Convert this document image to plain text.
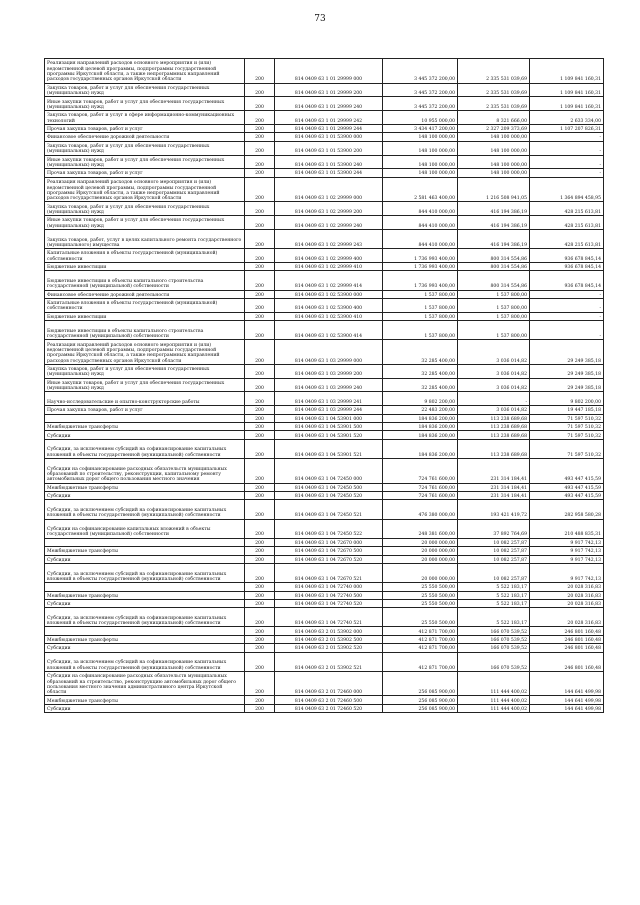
73
Реализация направлений расходов основного мероприятия и (или) ведомственной целевой программы, подпрограммы государственной программы Иркутской области, а также непрограммных направлений расходов государственных органов Иркутской области	200	814 0409 63 1 01 29999 000	3 445 372 200,00	2 335 531 039,69	1 109 841 160,31
Закупка товаров, работ и услуг для обеспечения государственных (муниципальных) нужд	200	814 0409 63 1 01 29999 200	3 445 372 200,00	2 335 531 039,69	1 109 841 160,31
Иные закупки товаров, работ и услуг для обеспечения государственных (муниципальных) нужд	200	814 0409 63 1 01 29999 240	3 445 372 200,00	2 335 531 039,69	1 109 841 160,31
Закупка товаров, работ и услуг в сфере информационно-коммуникационных технологий	200	814 0409 63 1 01 29999 242	10 955 000,00	8 321 666,00	2 633 334,00
Прочая закупка товаров, работ и услуг	200	814 0409 63 1 01 29999 244	3 434 417 200,00	2 327 209 373,69	1 107 207 826,31
Финансовое обеспечение дорожной деятельности	200	814 0409 63 1 01 53900 000	148 100 000,00	148 100 000,00	-
Закупка товаров, работ и услуг для обеспечения государственных (муниципальных) нужд	200	814 0409 63 1 01 53900 200	148 100 000,00	148 100 000,00	-
Иные закупки товаров, работ и услуг для обеспечения государственных (муниципальных) нужд	200	814 0409 63 1 01 53900 240	148 100 000,00	148 100 000,00	-
Прочая закупка товаров, работ и услуг	200	814 0409 63 1 01 53900 244	148 100 000,00	148 100 000,00	-
Реализация направлений расходов основного мероприятия и (или) ведомственной целевой программы, подпрограммы государственной программы Иркутской области, а также непрограммных направлений расходов государственных органов Иркутской области	200	814 0409 63 1 02 29999 000	2 581 463 400,00	1 216 508 941,05	1 364 894 458,95
Закупка товаров, работ и услуг для обеспечения государственных (муниципальных) нужд	200	814 0409 63 1 02 29999 200	844 410 000,00	416 194 386,19	428 215 613,81
Иные закупки товаров, работ и услуг для обеспечения государственных (муниципальных) нужд	200	814 0409 63 1 02 29999 240	844 410 000,00	416 194 386,19	428 215 613,81
Закупка товаров, работ, услуг в целях капитального ремонта государственного (муниципального) имущества	200	814 0409 63 1 02 29999 243	844 410 000,00	416 194 386,19	428 215 613,81
Капитальные вложения в объекты государственной (муниципальной) собственности	200	814 0409 63 1 02 29999 400	1 736 993 400,00	800 314 554,86	936 678 845,14
Бюджетные инвестиции	200	814 0409 63 1 02 29999 410	1 736 993 400,00	800 314 554,86	936 678 845,14
Бюджетные инвестиции в объекты капитального строительства государственной (муниципальной) собственности	200	814 0409 63 1 02 29999 414	1 736 993 400,00	800 314 554,86	936 678 845,14
Финансовое обеспечение дорожной деятельности	200	814 0409 63 1 02 53900 000	1 537 800,00	1 537 800,00	-
Капитальные вложения в объекты государственной (муниципальной) собственности	200	814 0409 63 1 02 53900 400	1 537 800,00	1 537 800,00	-
Бюджетные инвестиции	200	814 0409 63 1 02 53900 410	1 537 800,00	1 537 800,00	-
Бюджетные инвестиции в объекты капитального строительства государственной (муниципальной) собственности	200	814 0409 63 1 02 53900 414	1 537 800,00	1 537 800,00	-
Реализация направлений расходов основного мероприятия и (или) ведомственной целевой программы, подпрограммы государственной программы Иркутской области, а также непрограммных направлений расходов государственных органов Иркутской области	200	814 0409 63 1 03 29999 000	32 285 400,00	3 036 014,82	29 249 385,18
Закупка товаров, работ и услуг для обеспечения государственных (муниципальных) нужд	200	814 0409 63 1 03 29999 200	32 285 400,00	3 036 014,82	29 249 385,18
Иные закупки товаров, работ и услуг для обеспечения государственных (муниципальных) нужд	200	814 0409 63 1 03 29999 240	32 285 400,00	3 036 014,82	29 249 385,18
Научно-исследовательские и опытно-конструкторские работы	200	814 0409 63 1 03 29999 241	9 802 200,00	-	9 802 200,00
Прочая закупка товаров, работ и услуг	200	814 0409 63 1 03 29999 244	22 483 200,00	3 036 014,82	19 447 185,18
	200	814 0409 63 1 04 53901 000	184 836 200,00	113 238 689,68	71 597 510,32
Межбюджетные трансферты	200	814 0409 63 1 04 53901 500	184 836 200,00	113 238 689,68	71 597 510,32
Субсидии	200	814 0409 63 1 04 53901 520	184 836 200,00	113 238 689,68	71 597 510,32
Субсидии, за исключением субсидий на софинансирование капитальных вложений в объекты государственной (муниципальной) собственности	200	814 0409 63 1 04 53901 521	184 836 200,00	113 238 689,68	71 597 510,32
Субсидии на софинансирование расходных обязательств муниципальных образований по строительству, реконструкции, капитальному ремонту автомобильных дорог общего пользования местного значения	200	814 0409 63 1 04 72450 000	724 761 600,00	231 314 184,41	493 447 415,59
Межбюджетные трансферты	200	814 0409 63 1 04 72450 500	724 761 600,00	231 314 184,41	493 447 415,59
Субсидии	200	814 0409 63 1 04 72450 520	724 761 600,00	231 314 184,41	493 447 415,59
Субсидии, за исключением субсидий на софинансирование капитальных вложений в объекты государственной (муниципальной) собственности	200	814 0409 63 1 04 72450 521	476 380 000,00	193 421 419,72	282 958 580,28
Субсидии на софинансирование капитальных вложений в объекты государственной (муниципальной) собственности	200	814 0409 63 1 04 72450 522	248 381 600,00	37 892 764,69	210 488 835,31
	200	814 0409 63 1 04 72670 000	20 000 000,00	10 082 257,87	9 917 742,13
Межбюджетные трансферты	200	814 0409 63 1 04 72670 500	20 000 000,00	10 082 257,87	9 917 742,13
Субсидии	200	814 0409 63 1 04 72670 520	20 000 000,00	10 082 257,87	9 917 742,13
Субсидии, за исключением субсидий на софинансирование капитальных вложений в объекты государственной (муниципальной) собственности	200	814 0409 63 1 04 72670 521	20 000 000,00	10 082 257,87	9 917 742,13
	200	814 0409 63 1 04 72740 000	25 550 500,00	5 522 183,17	20 028 316,83
Межбюджетные трансферты	200	814 0409 63 1 04 72740 500	25 550 500,00	5 522 183,17	20 028 316,83
Субсидии	200	814 0409 63 1 04 72740 520	25 550 500,00	5 522 183,17	20 028 316,83
Субсидии, за исключением субсидий на софинансирование капитальных вложений в объекты государственной (муниципальной) собственности	200	814 0409 63 1 04 72740 521	25 550 500,00	5 522 183,17	20 028 316,83
	200	814 0409 63 2 01 53902 000	412 871 700,00	166 070 539,52	246 801 160,48
Межбюджетные трансферты	200	814 0409 63 2 01 53902 500	412 871 700,00	166 070 539,52	246 801 160,48
Субсидии	200	814 0409 63 2 01 53902 520	412 871 700,00	166 070 539,52	246 801 160,48
Субсидии, за исключением субсидий на софинансирование капитальных вложений в объекты государственной (муниципальной) собственности	200	814 0409 63 2 01 53902 521	412 871 700,00	166 070 539,52	246 801 160,48
Субсидии на софинансирование расходных обязательств муниципальных образований на строительство, реконструкцию автомобильных дорог общего пользования местного значения административного центра Иркутской области	200	814 0409 63 2 01 72460 000	256 085 900,00	111 444 400,02	144 641 499,98
Межбюджетные трансферты	200	814 0409 63 2 01 72460 500	256 085 900,00	111 444 400,02	144 641 499,98
Субсидии	200	814 0409 63 2 01 72460 520	256 085 900,00	111 444 400,02	144 641 499,98
